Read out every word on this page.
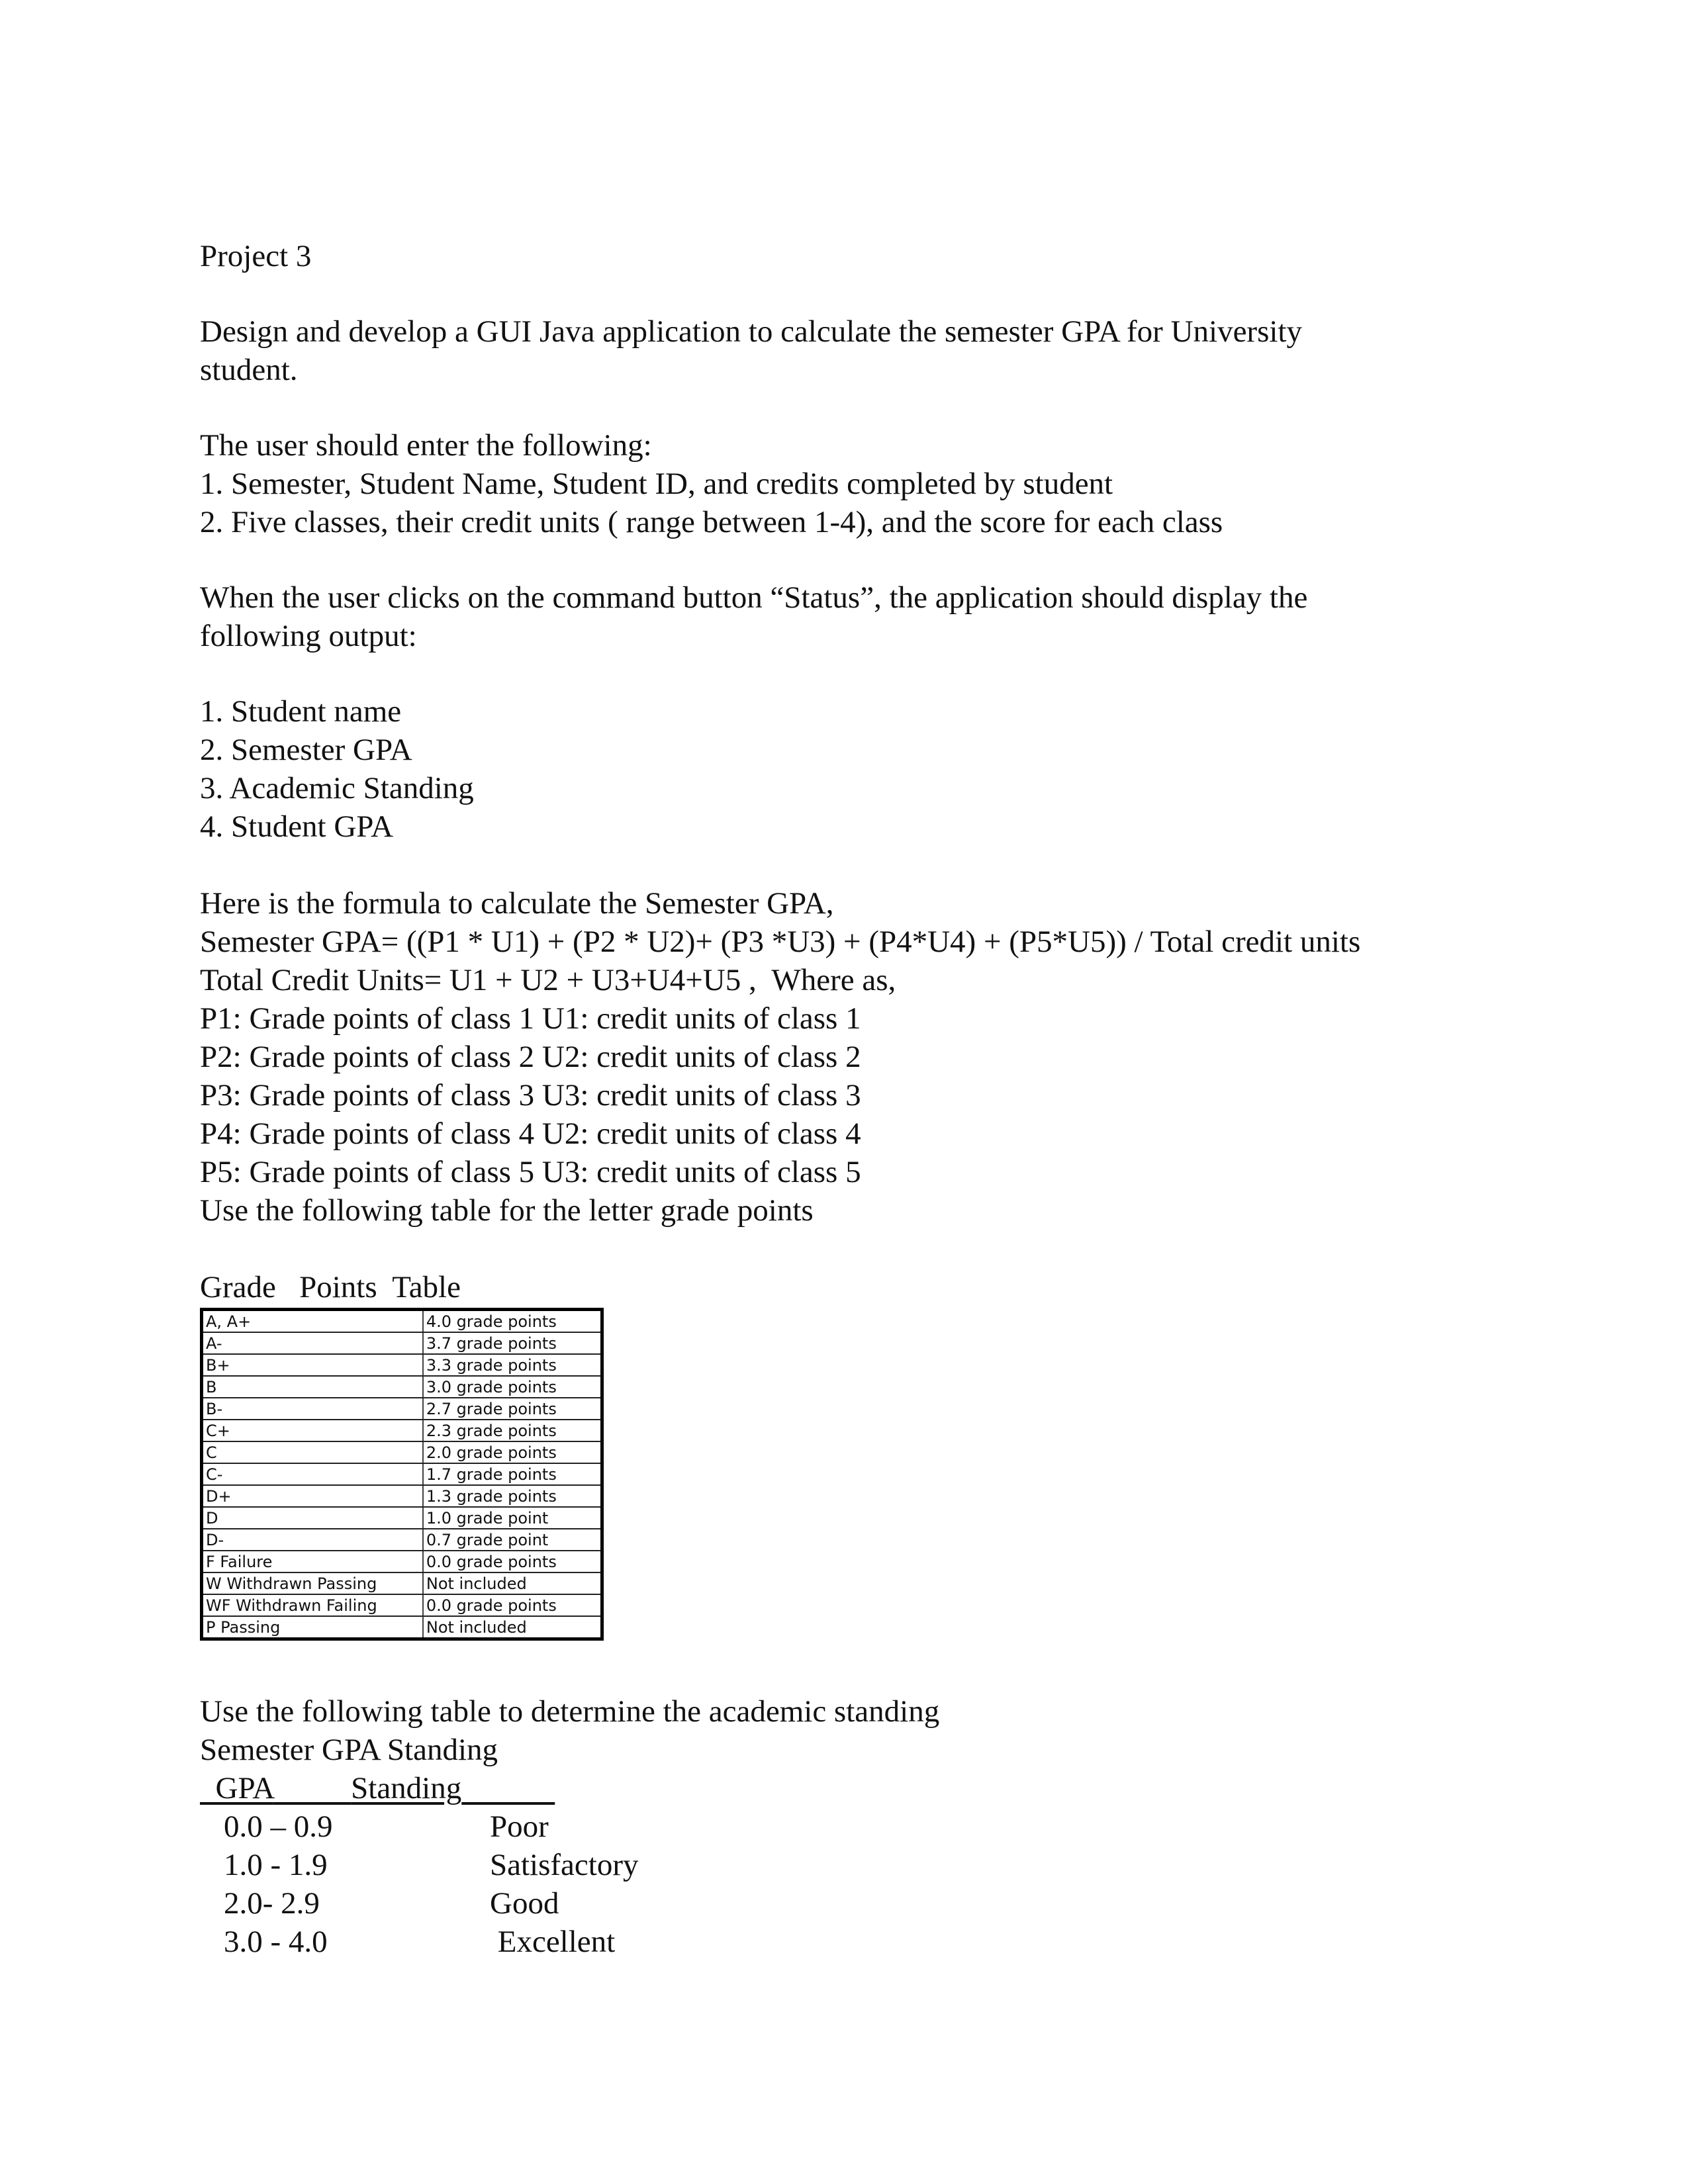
Project 3

Design and develop a GUI Java application to calculate the semester GPA for University

student.

The user should enter the following:

1. Semester, Student Name, Student ID, and credits completed by student

2. Five classes, their credit units ( range between 1-4), and the score for each class

When the user clicks on the command button “Status”, the application should display the

following output:

1. Student name

2. Semester GPA

3. Academic Standing

4. Student GPA

Here is the formula to calculate the Semester GPA,

Semester GPA= ((P1 * U1) + (P2 * U2)+ (P3 *U3) + (P4*U4) + (P5*U5)) / Total credit units

Total Credit Units= U1 + U2 + U3+U4+U5 ,  Where as,

P1: Grade points of class 1 U1: credit units of class 1

P2: Grade points of class 2 U2: credit units of class 2

P3: Grade points of class 3 U3: credit units of class 3

P4: Grade points of class 4 U2: credit units of class 4

P5: Grade points of class 5 U3: credit units of class 5

Use the following table for the letter grade points

Grade   Points  Table

A, A+	4.0 grade points
A-	3.7 grade points
B+	3.3 grade points
B	3.0 grade points
B-	2.7 grade points
C+	2.3 grade points
C	2.0 grade points
C-	1.7 grade points
D+	1.3 grade points
D	1.0 grade point
D-	0.7 grade point
F Failure	0.0 grade points
W Withdrawn Passing	Not included
WF Withdrawn Failing	0.0 grade points
P Passing	Not included

Use the following table to determine the academic standing

Semester GPA Standing

GPA	Standing

0.0 – 0.9	Poor
1.0 - 1.9	Satisfactory
2.0- 2.9	Good
3.0 - 4.0	Excellent
